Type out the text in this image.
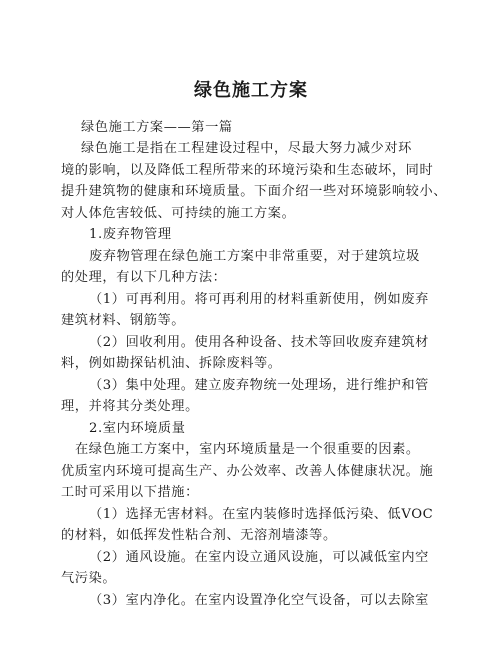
绿色施工方案
绿色施工方案——第一篇
绿色施工是指在工程建设过程中，尽最大努力减少对环
境的影响，以及降低工程所带来的环境污染和生态破坏，同时
提升建筑物的健康和环境质量。下面介绍一些对环境影响较小、
对人体危害较低、可持续的施工方案。
1.废弃物管理
废弃物管理在绿色施工方案中非常重要，对于建筑垃圾
的处理，有以下几种方法：
（1）可再利用。将可再利用的材料重新使用，例如废弃
建筑材料、钢筋等。
（2）回收利用。使用各种设备、技术等回收废弃建筑材
料，例如勘探钻机油、拆除废料等。
（3）集中处理。建立废弃物统一处理场，进行维护和管
理，并将其分类处理。
2.室内环境质量
在绿色施工方案中，室内环境质量是一个很重要的因素。
优质室内环境可提高生产、办公效率、改善人体健康状况。施
工时可采用以下措施：
（1）选择无害材料。在室内装修时选择低污染、低VOC
的材料，如低挥发性粘合剂、无溶剂墙漆等。
（2）通风设施。在室内设立通风设施，可以减低室内空
气污染。
（3）室内净化。在室内设置净化空气设备，可以去除室
